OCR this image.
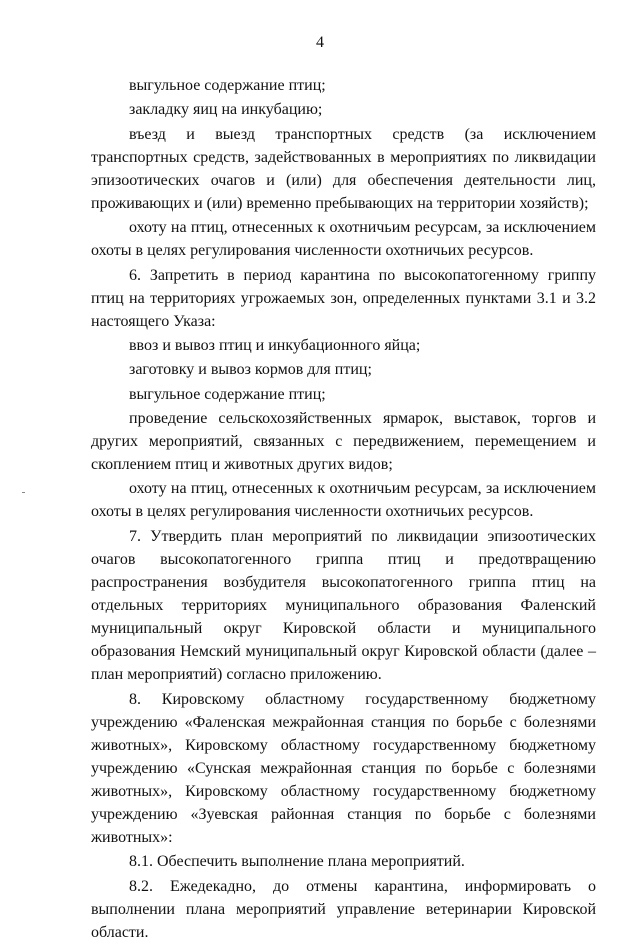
4

выгульное содержание птиц;

закладку яиц на инкубацию;

въезд и выезд транспортных средств (за исключением транспортных средств, задействованных в мероприятиях по ликвидации эпизоотических очагов и (или) для обеспечения деятельности лиц, проживающих и (или) временно пребывающих на территории хозяйств);

охоту на птиц, отнесенных к охотничьим ресурсам, за исключением охоты в целях регулирования численности охотничьих ресурсов.

6. Запретить в период карантина по высокопатогенному гриппу птиц на территориях угрожаемых зон, определенных пунктами 3.1 и 3.2 настоящего Указа:

ввоз и вывоз птиц и инкубационного яйца;

заготовку и вывоз кормов для птиц;

выгульное содержание птиц;

проведение сельскохозяйственных ярмарок, выставок, торгов и других мероприятий, связанных с передвижением, перемещением и скоплением птиц и животных других видов;

охоту на птиц, отнесенных к охотничьим ресурсам, за исключением охоты в целях регулирования численности охотничьих ресурсов.

7. Утвердить план мероприятий по ликвидации эпизоотических очагов высокопатогенного гриппа птиц и предотвращению распространения возбудителя высокопатогенного гриппа птиц на отдельных территориях муниципального образования Фаленский муниципальный округ Кировской области и муниципального образования Немский муниципальный округ Кировской области (далее – план мероприятий) согласно приложению.

8. Кировскому областному государственному бюджетному учреждению «Фаленская межрайонная станция по борьбе с болезнями животных», Кировскому областному государственному бюджетному учреждению «Сунская межрайонная станция по борьбе с болезнями животных», Кировскому областному государственному бюджетному учреждению «Зуевская районная станция по борьбе с болезнями животных»:

8.1. Обеспечить выполнение плана мероприятий.

8.2. Ежедекадно, до отмены карантина, информировать о выполнении плана мероприятий управление ветеринарии Кировской области.
